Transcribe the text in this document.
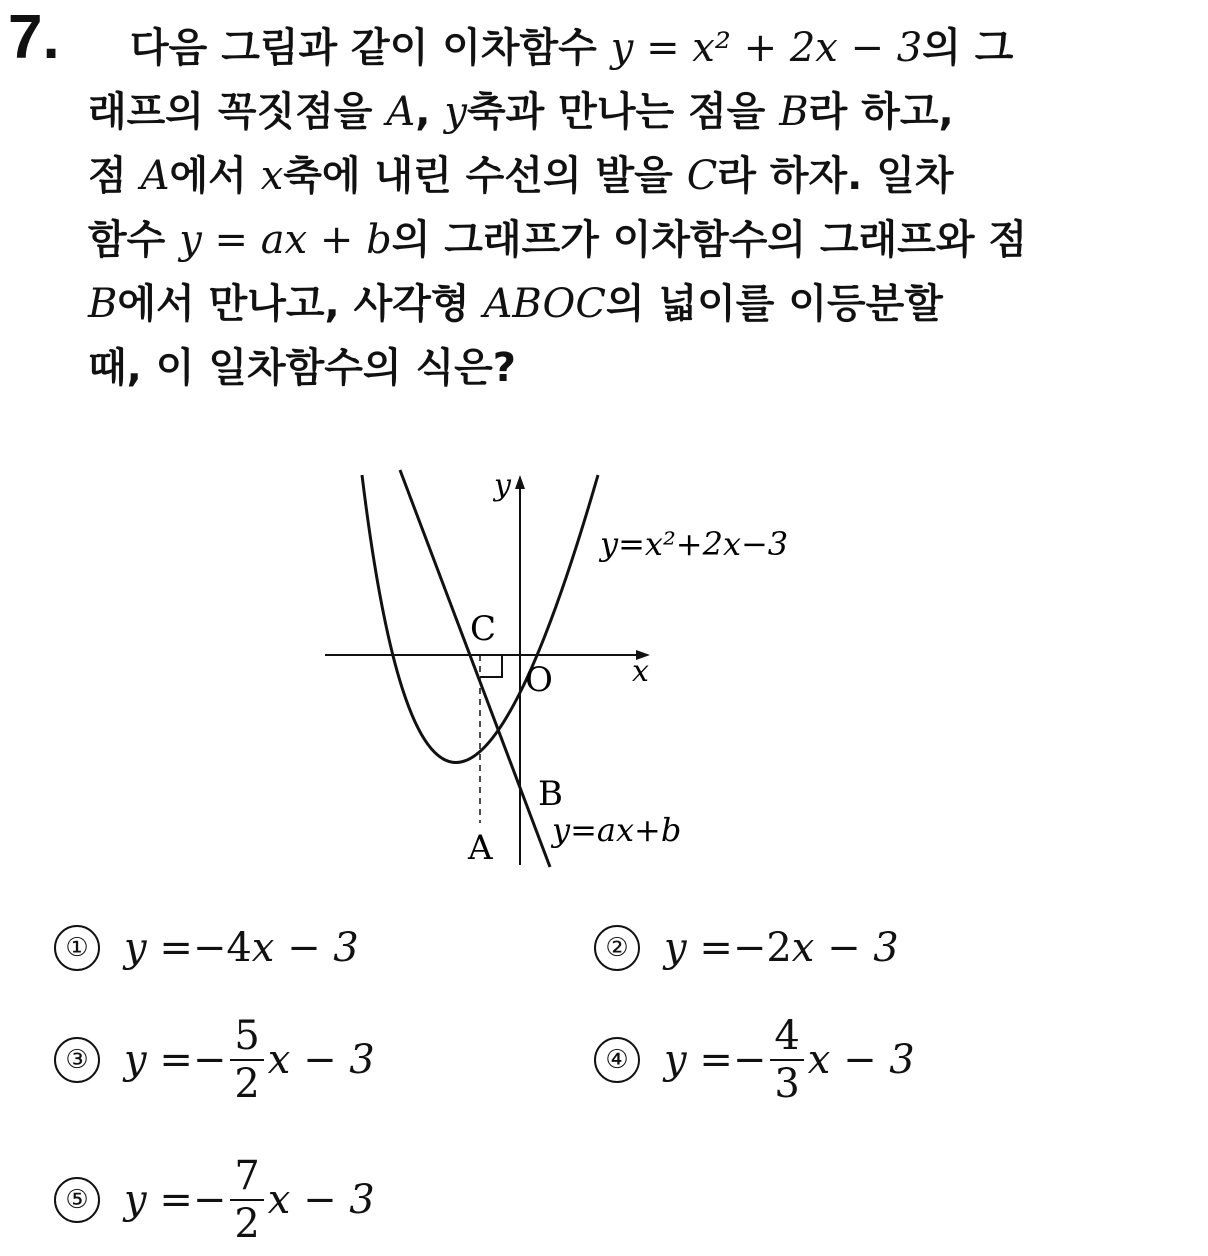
7.	다음 그림과 같이 이차함수 y = x² + 2x − 3의 그
래프의 꼭짓점을 A, y축과 만나는 점을 B라 하고,
점 A에서 x축에 내린 수선의 발을 C라 하자. 일차
함수 y = ax + b의 그래프가 이차함수의 그래프와 점
B에서 만나고, 사각형 ABOC의 넓이를 이등분할
때, 이 일차함수의 식은?
y
x
y=x²+2x−3
y=ax+b
C
O
B
A
① y = − 4 x − 3	② y = − 2 x − 3
③ y = − $\frac{5}{2}$ x − 3	④ y = − $\frac{4}{3}$ x − 3
⑤ y = − $\frac{7}{2}$ x − 3
